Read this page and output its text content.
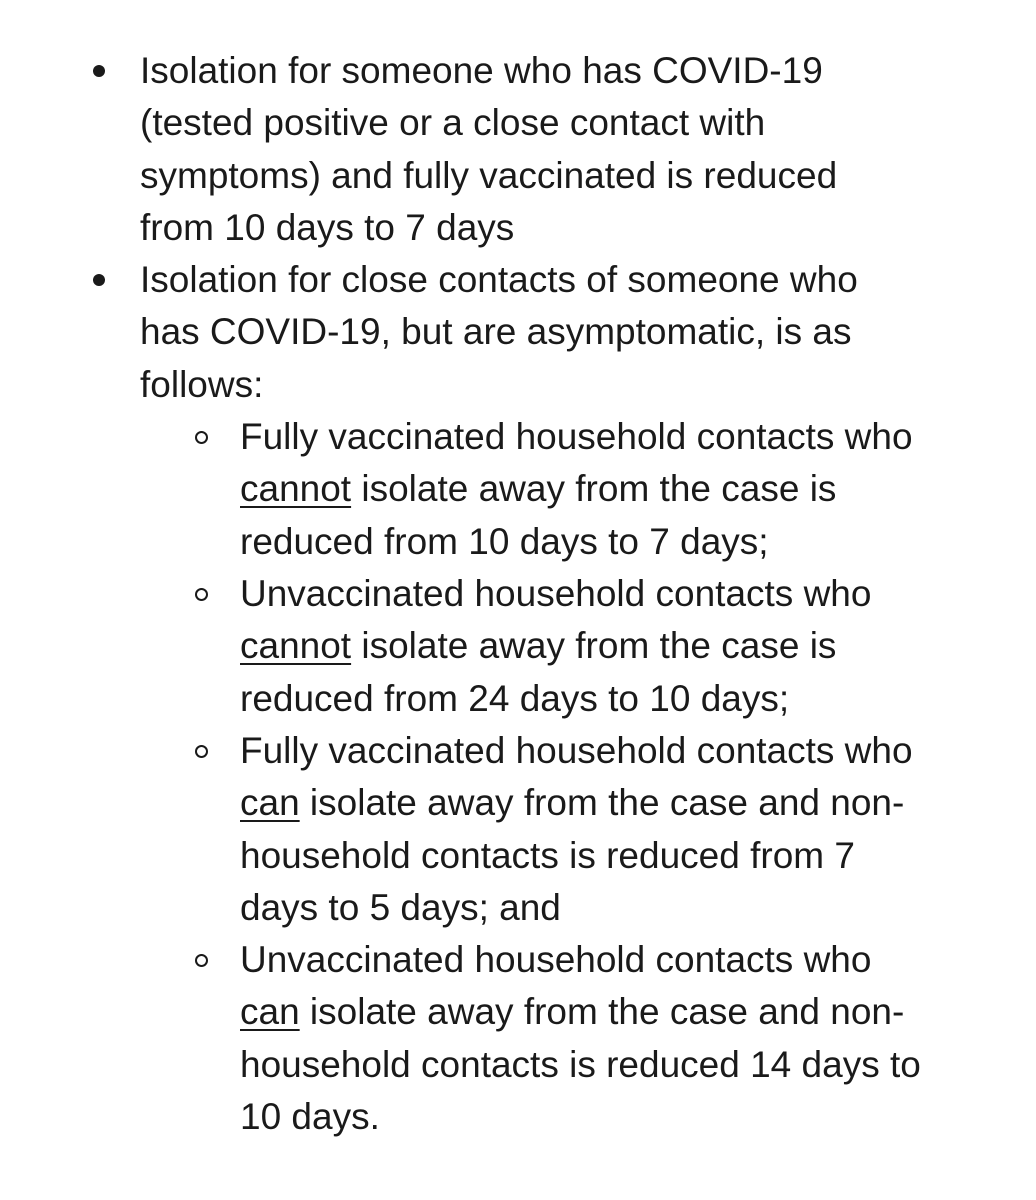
Isolation for someone who has COVID-19
(tested positive or a close contact with
symptoms) and fully vaccinated is reduced
from 10 days to 7 days
Isolation for close contacts of someone who
has COVID-19, but are asymptomatic, is as
follows:
Fully vaccinated household contacts who
cannot isolate away from the case is
reduced from 10 days to 7 days;
Unvaccinated household contacts who
cannot isolate away from the case is
reduced from 24 days to 10 days;
Fully vaccinated household contacts who
can isolate away from the case and non-
household contacts is reduced from 7
days to 5 days; and
Unvaccinated household contacts who
can isolate away from the case and non-
household contacts is reduced 14 days to
10 days.
